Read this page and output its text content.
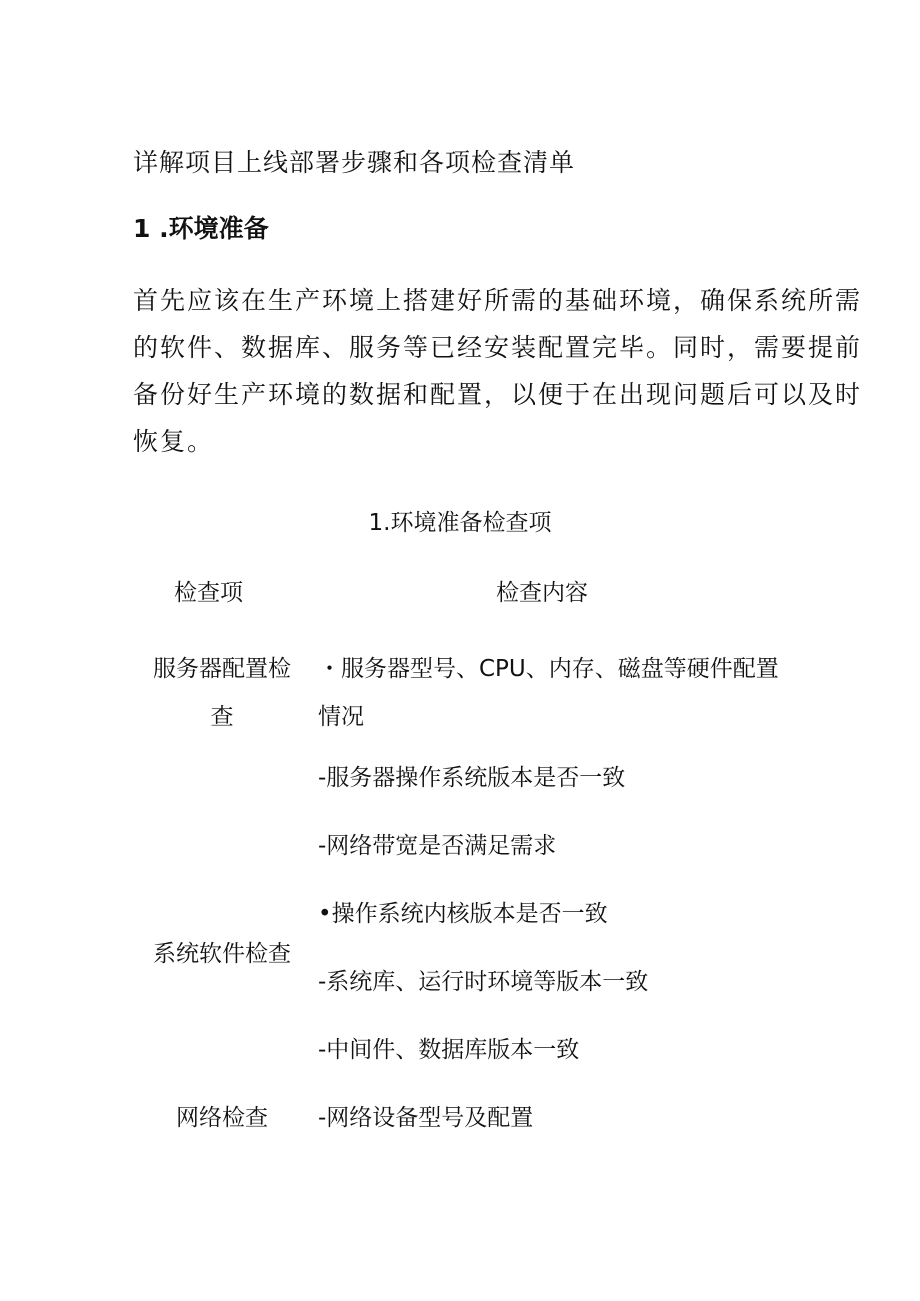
详解项目上线部署步骤和各项检查清单
1 .环境准备
首先应该在生产环境上搭建好所需的基础环境，确保系统所需
的软件、数据库、服务等已经安装配置完毕。同时，需要提前
备份好生产环境的数据和配置，以便于在出现问题后可以及时
恢复。
1.环境准备检查项
检查项	检查内容
服务器配置检查
系统软件检查
网络检查
・服务器型号、CPU、内存、磁盘等硬件配置情况
-服务器操作系统版本是否一致
-网络带宽是否满足需求
•操作系统内核版本是否一致
-系统库、运行时环境等版本一致
-中间件、数据库版本一致
-网络设备型号及配置
